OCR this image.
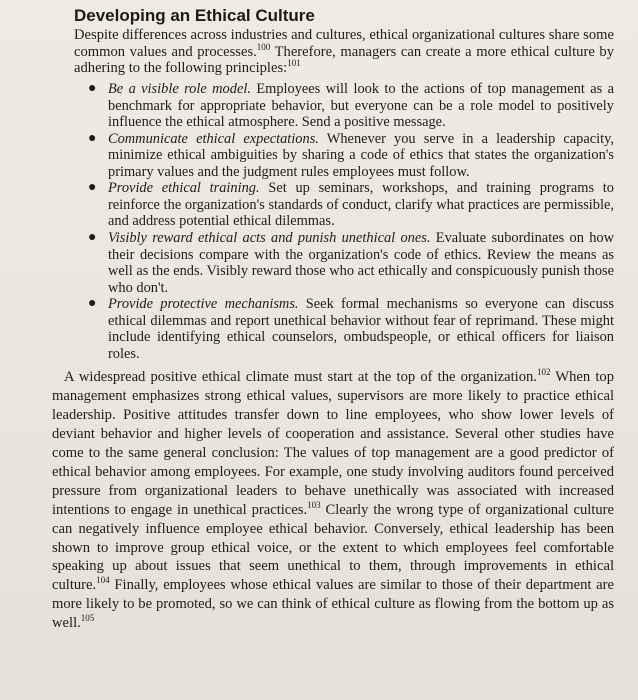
Developing an Ethical Culture

Despite differences across industries and cultures, ethical organizational cultures share some common values and processes.$^{100}$ Therefore, managers can create a more ethical culture by adhering to the following principles:$^{101}$

● Be a visible role model. Employees will look to the actions of top management as a benchmark for appropriate behavior, but everyone can be a role model to positively influence the ethical atmosphere. Send a positive message.
● Communicate ethical expectations. Whenever you serve in a leadership capacity, minimize ethical ambiguities by sharing a code of ethics that states the organization's primary values and the judgment rules employees must follow.
● Provide ethical training. Set up seminars, workshops, and training programs to reinforce the organization's standards of conduct, clarify what practices are permissible, and address potential ethical dilemmas.
● Visibly reward ethical acts and punish unethical ones. Evaluate subordinates on how their decisions compare with the organization's code of ethics. Review the means as well as the ends. Visibly reward those who act ethically and conspicuously punish those who don't.
● Provide protective mechanisms. Seek formal mechanisms so everyone can discuss ethical dilemmas and report unethical behavior without fear of reprimand. These might include identifying ethical counselors, ombudspeople, or ethical officers for liaison roles.

A widespread positive ethical climate must start at the top of the organization.$^{102}$ When top management emphasizes strong ethical values, supervisors are more likely to practice ethical leadership. Positive attitudes transfer down to line employees, who show lower levels of deviant behavior and higher levels of cooperation and assistance. Several other studies have come to the same general conclusion: The values of top management are a good predictor of ethical behavior among employees. For example, one study involving auditors found perceived pressure from organizational leaders to behave unethically was associated with increased intentions to engage in unethical practices.$^{103}$ Clearly the wrong type of organizational culture can negatively influence employee ethical behavior. Conversely, ethical leadership has been shown to improve group ethical voice, or the extent to which employees feel comfortable speaking up about issues that seem unethical to them, through improvements in ethical culture.$^{104}$ Finally, employees whose ethical values are similar to those of their department are more likely to be promoted, so we can think of ethical culture as flowing from the bottom up as well.$^{105}$
